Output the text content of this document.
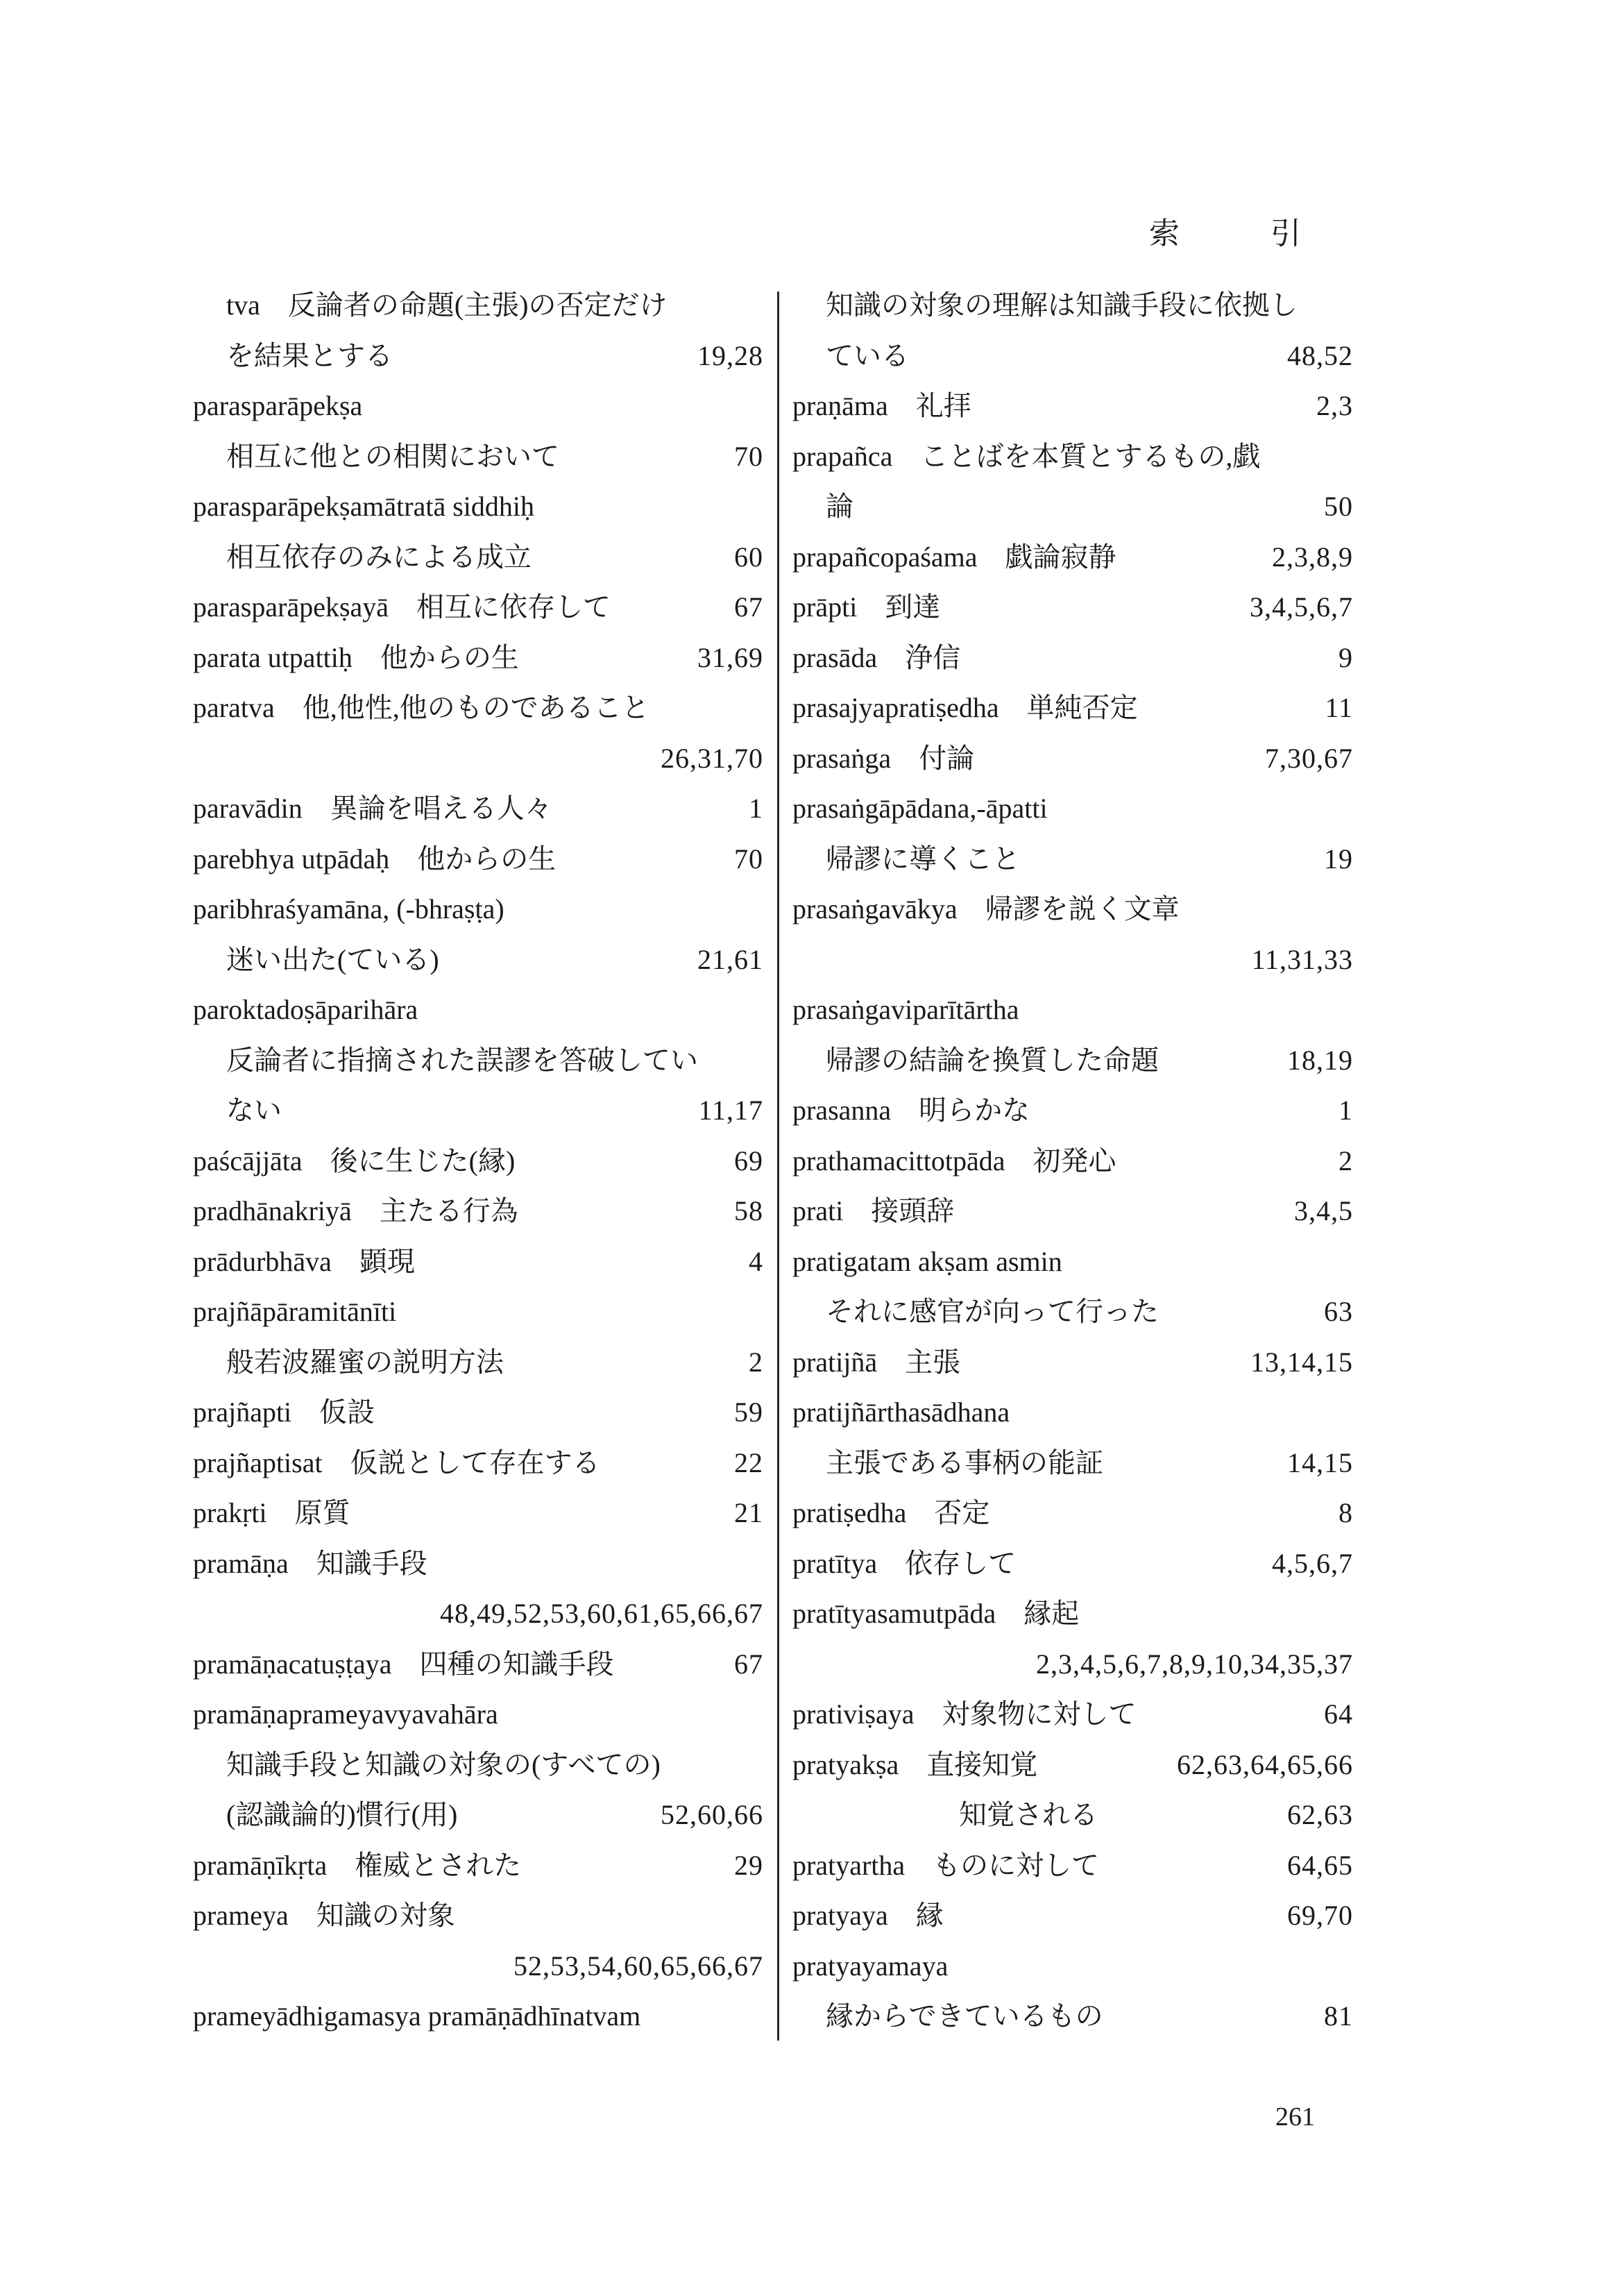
索 引
tva　反論者の命題(主張)の否定だけ
を結果とする	19,28
parasparāpekṣa
相互に他との相関において	70
parasparāpekṣamātratā siddhiḥ
相互依存のみによる成立	60
parasparāpekṣayā　相互に依存して	67
parata utpattiḥ　他からの生	31,69
paratva　他,他性,他のものであること
26,31,70
paravādin　異論を唱える人々	1
parebhya utpādaḥ　他からの生	70
paribhraśyamāna, (-bhraṣṭa)
迷い出た(ている)	21,61
paroktadoṣāparihāra
反論者に指摘された誤謬を答破してい
ない	11,17
paścājjāta　後に生じた(縁)	69
pradhānakriyā　主たる行為	58
prādurbhāva　顕現	4
prajñāpāramitānīti
般若波羅蜜の説明方法	2
prajñapti　仮設	59
prajñaptisat　仮説として存在する	22
prakṛti　原質	21
pramāṇa　知識手段
48,49,52,53,60,61,65,66,67
pramāṇacatuṣṭaya　四種の知識手段	67
pramāṇaprameyavyavahāra
知識手段と知識の対象の(すべての)
(認識論的)慣行(用)	52,60,66
pramāṇīkṛta　権威とされた	29
prameya　知識の対象
52,53,54,60,65,66,67
prameyādhigamasya pramāṇādhīnatvam
知識の対象の理解は知識手段に依拠し
ている	48,52
praṇāma　礼拝	2,3
prapañca　ことばを本質とするもの,戯
論	50
prapañcopaśama　戯論寂静	2,3,8,9
prāpti　到達	3,4,5,6,7
prasāda　浄信	9
prasajyapratiṣedha　単純否定	11
prasaṅga　付論	7,30,67
prasaṅgāpādana,-āpatti
帰謬に導くこと	19
prasaṅgavākya　帰謬を説く文章
11,31,33
prasaṅgaviparītārtha
帰謬の結論を換質した命題	18,19
prasanna　明らかな	1
prathamacittotpāda　初発心	2
prati　接頭辞	3,4,5
pratigatam akṣam asmin
それに感官が向って行った	63
pratijñā　主張	13,14,15
pratijñārthasādhana
主張である事柄の能証	14,15
pratiṣedha　否定	8
pratītya　依存して	4,5,6,7
pratītyasamutpāda　縁起
2,3,4,5,6,7,8,9,10,34,35,37
prativiṣaya　対象物に対して	64
pratyakṣa　直接知覚	62,63,64,65,66
　　　　　　知覚される	62,63
pratyartha　ものに対して	64,65
pratyaya　縁	69,70
pratyayamaya
縁からできているもの	81
261
